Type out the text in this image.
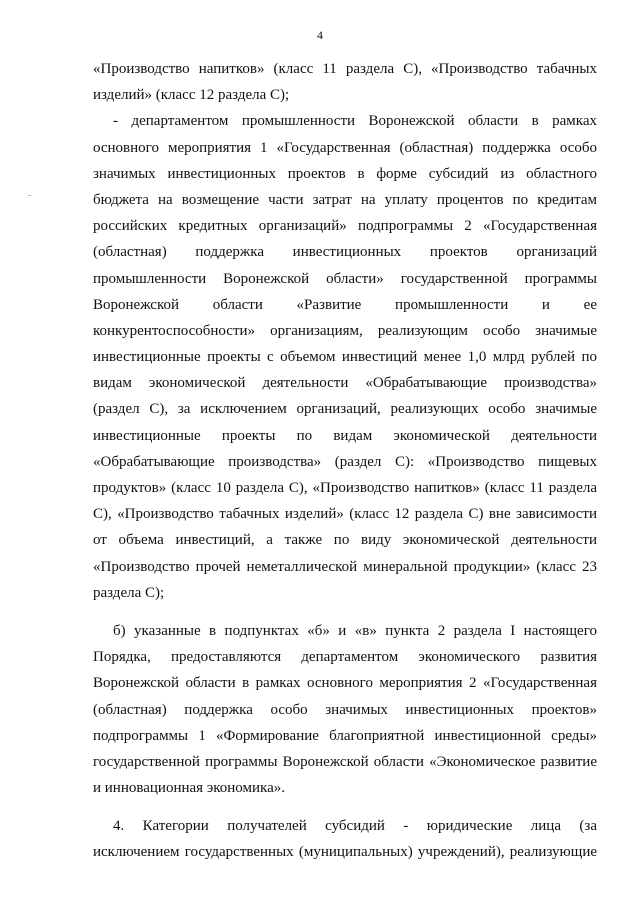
4
«Производство напитков» (класс 11 раздела С), «Производство табачных
изделий» (класс 12 раздела С);
- департаментом промышленности Воронежской области в рамках
основного мероприятия 1 «Государственная (областная) поддержка особо
значимых инвестиционных проектов в форме субсидий из областного
бюджета на возмещение части затрат на уплату процентов по кредитам
российских кредитных организаций» подпрограммы 2 «Государственная
(областная) поддержка инвестиционных проектов организаций
промышленности Воронежской области» государственной программы
Воронежской области «Развитие промышленности и ее
конкурентоспособности» организациям, реализующим особо значимые
инвестиционные проекты с объемом инвестиций менее 1,0 млрд рублей по
видам экономической деятельности «Обрабатывающие производства»
(раздел С), за исключением организаций, реализующих особо значимые
инвестиционные проекты по видам экономической деятельности
«Обрабатывающие производства» (раздел С): «Производство пищевых
продуктов» (класс 10 раздела С), «Производство напитков» (класс 11 раздела
С), «Производство табачных изделий» (класс 12 раздела С) вне зависимости
от объема инвестиций, а также по виду экономической деятельности
«Производство прочей неметаллической минеральной продукции» (класс 23
раздела С);
б) указанные в подпунктах «б» и «в» пункта 2 раздела I настоящего
Порядка, предоставляются департаментом экономического развития
Воронежской области в рамках основного мероприятия 2 «Государственная
(областная) поддержка особо значимых инвестиционных проектов»
подпрограммы 1 «Формирование благоприятной инвестиционной среды»
государственной программы Воронежской области «Экономическое развитие
и инновационная экономика».
4. Категории получателей субсидий - юридические лица (за
исключением государственных (муниципальных) учреждений), реализующие
